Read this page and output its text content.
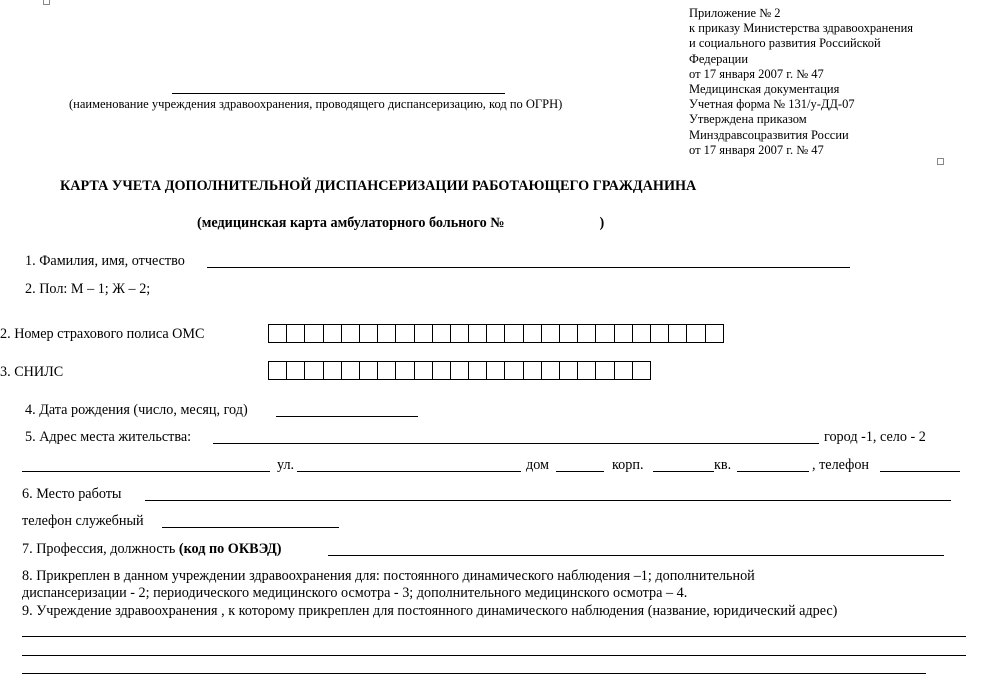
Приложение № 2
к приказу Министерства здравоохранения
и социального развития Российской
Федерации
от 17 января 2007 г. № 47
Медицинская документация
Учетная форма № 131/у-ДД-07
Утверждена приказом
Минздравсоцразвития России
от 17 января 2007 г. № 47
(наименование учреждения здравоохранения, проводящего диспансеризацию, код по ОГРН)
КАРТА УЧЕТА ДОПОЛНИТЕЛЬНОЙ ДИСПАНСЕРИЗАЦИИ РАБОТАЮЩЕГО ГРАЖДАНИНА
(медицинская карта амбулаторного больного №	)
1. Фамилия, имя, отчество
2. Пол: М – 1; Ж – 2;
2. Номер страхового полиса ОМС
3. СНИЛС
4. Дата рождения (число, месяц, год)
5. Адрес места жительства:	город -1, село - 2
ул.	дом	корп.	кв.	, телефон
6. Место работы
телефон служебный
7. Профессия, должность (код по ОКВЭД)
8. Прикреплен в данном учреждении здравоохранения для: постоянного динамического наблюдения –1; дополнительной
диспансеризации - 2; периодического медицинского осмотра - 3; дополнительного медицинского осмотра – 4.
9. Учреждение здравоохранения , к которому прикреплен для постоянного динамического наблюдения (название, юридический адрес)
